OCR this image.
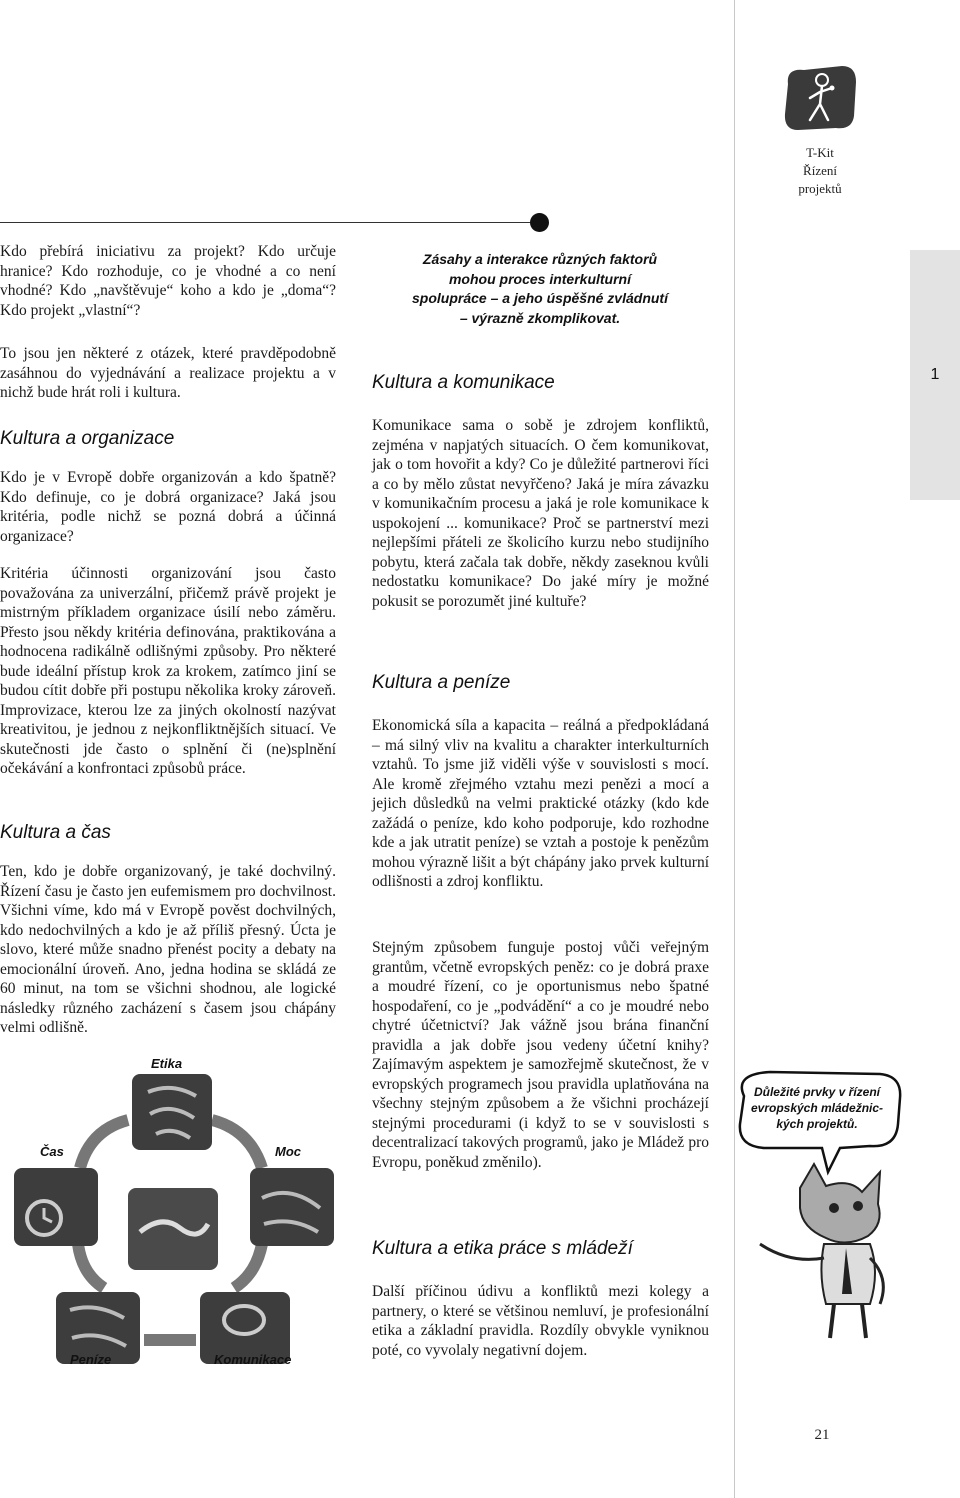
T-Kit
Řízení
projektů
1

Kdo přebírá iniciativu za projekt? Kdo určuje hranice? Kdo rozhoduje, co je vhodné a co není vhodné? Kdo „navštěvuje“ koho a kdo je „doma“? Kdo projekt „vlastní“?

To jsou jen některé z otázek, které pravděpodobně zasáhnou do vyjednávání a realizace projektu a v nichž bude hrát roli i kultura.

Kultura a organizace

Kdo je v Evropě dobře organizován a kdo špatně? Kdo definuje, co je dobrá organizace? Jaká jsou kritéria, podle nichž se pozná dobrá a účinná organizace?

Kritéria účinnosti organizování jsou často považována za univerzální, přičemž právě projekt je mistrným příkladem organizace úsilí nebo záměru. Přesto jsou někdy kritéria definována, praktikována a hodnocena radikálně odlišnými způsoby. Pro některé bude ideální přístup krok za krokem, zatímco jiní se budou cítit dobře při postupu několika kroky zároveň. Improvizace, kterou lze za jiných okolností nazývat kreativitou, je jednou z nejkonfliktnějších situací. Ve skutečnosti jde často o splnění či (ne)splnění očekávání a konfrontaci způsobů práce.

Kultura a čas

Ten, kdo je dobře organizovaný, je také dochvilný. Řízení času je často jen eufemismem pro dochvilnost. Všichni víme, kdo má v Evropě pověst dochvilných, kdo nedochvilných a kdo je až příliš přesný. Úcta je slovo, které může snadno přenést pocity a debaty na emocionální úroveň. Ano, jedna hodina se skládá ze 60 minut, na tom se všichni shodnou, ale logické následky různého zacházení s časem jsou chápány velmi odlišně.

Etika
Čas	Moc
Peníze	Komunikace
Zásahy a interakce různých faktorů
mohou proces interkulturní
spolupráce – a jeho úspěšné zvládnutí
– výrazně zkomplikovat.
Kultura a komunikace

Komunikace sama o sobě je zdrojem konfliktů, zejména v napjatých situacích. O čem komunikovat, jak o tom hovořit a kdy? Co je důležité partnerovi říci a co by mělo zůstat nevyřčeno? Jaká je míra závazku v komunikačním procesu a jaká je role komunikace k uspokojení ... komunikace? Proč se partnerství mezi nejlepšími přáteli ze školicího kurzu nebo studijního pobytu, která začala tak dobře, někdy zaseknou kvůli nedostatku komunikace? Do jaké míry je možné pokusit se porozumět jiné kultuře?

Kultura a peníze

Ekonomická síla a kapacita – reálná a předpokládaná – má silný vliv na kvalitu a charakter interkulturních vztahů. To jsme již viděli výše v souvislosti s mocí. Ale kromě zřejmého vztahu mezi penězi a mocí a jejich důsledků na velmi praktické otázky (kdo kde zažádá o peníze, kdo koho podporuje, kdo rozhodne kde a jak utratit peníze) se vztah a postoje k penězům mohou výrazně lišit a být chápány jako prvek kulturní odlišnosti a zdroj konfliktu.

Stejným způsobem funguje postoj vůči veřejným grantům, včetně evropských peněz: co je dobrá praxe a moudré řízení, co je oportunismus nebo špatné hospodaření, co je „podvádění“ a co je moudré nebo chytré účetnictví? Jak vážně jsou brána finanční pravidla a jak dobře jsou vedeny účetní knihy? Zajímavým aspektem je samozřejmě skutečnost, že v evropských programech jsou pravidla uplatňována na všechny stejným způsobem a že všichni procházejí stejnými procedurami (i když to se v souvislosti s decentralizací takových programů, jako je Mládež pro Evropu, poněkud změnilo).

Kultura a etika práce s mládeží

Další příčinou údivu a konfliktů mezi kolegy a partnery, o které se většinou nemluví, je profesionální etika a základní pravidla. Rozdíly obvykle vyniknou poté, co vyvolaly negativní dojem.

Důležité prvky v řízení
evropských mládežnic-
kých projektů.
21
